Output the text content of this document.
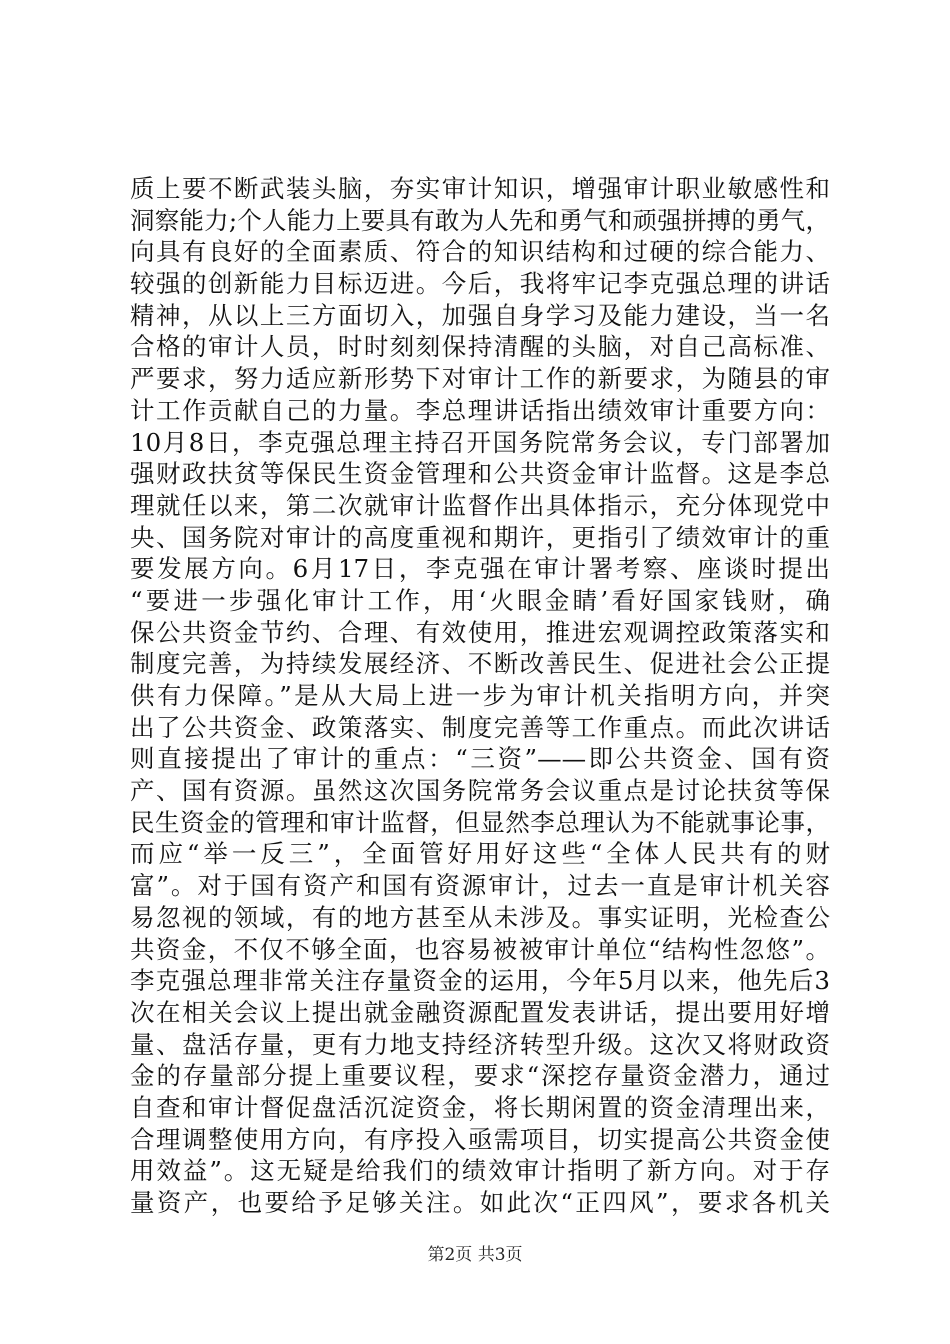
质上要不断武装头脑，夯实审计知识，增强审计职业敏感性和
洞察能力;个人能力上要具有敢为人先和勇气和顽强拼搏的勇气，
向具有良好的全面素质、符合的知识结构和过硬的综合能力、
较强的创新能力目标迈进。今后，我将牢记李克强总理的讲话
精神，从以上三方面切入，加强自身学习及能力建设，当一名
合格的审计人员，时时刻刻保持清醒的头脑，对自己高标准、
严要求，努力适应新形势下对审计工作的新要求，为随县的审
计工作贡献自己的力量。李总理讲话指出绩效审计重要方向：
10月8日，李克强总理主持召开国务院常务会议，专门部署加
强财政扶贫等保民生资金管理和公共资金审计监督。这是李总
理就任以来，第二次就审计监督作出具体指示，充分体现党中
央、国务院对审计的高度重视和期许，更指引了绩效审计的重
要发展方向。6月17日，李克强在审计署考察、座谈时提出
“要进一步强化审计工作，用‘火眼金睛’看好国家钱财，确
保公共资金节约、合理、有效使用，推进宏观调控政策落实和
制度完善，为持续发展经济、不断改善民生、促进社会公正提
供有力保障。”是从大局上进一步为审计机关指明方向，并突
出了公共资金、政策落实、制度完善等工作重点。而此次讲话
则直接提出了审计的重点：“三资”——即公共资金、国有资
产、国有资源。虽然这次国务院常务会议重点是讨论扶贫等保
民生资金的管理和审计监督，但显然李总理认为不能就事论事，
而应“举一反三”，全面管好用好这些“全体人民共有的财
富”。对于国有资产和国有资源审计，过去一直是审计机关容
易忽视的领域，有的地方甚至从未涉及。事实证明，光检查公
共资金，不仅不够全面，也容易被被审计单位“结构性忽悠”。
李克强总理非常关注存量资金的运用，今年5月以来，他先后3
次在相关会议上提出就金融资源配置发表讲话，提出要用好增
量、盘活存量，更有力地支持经济转型升级。这次又将财政资
金的存量部分提上重要议程，要求“深挖存量资金潜力，通过
自查和审计督促盘活沉淀资金，将长期闲置的资金清理出来，
合理调整使用方向，有序投入亟需项目，切实提高公共资金使
用效益”。这无疑是给我们的绩效审计指明了新方向。对于存
量资产，也要给予足够关注。如此次“正四风”，要求各机关
第2页 共3页
